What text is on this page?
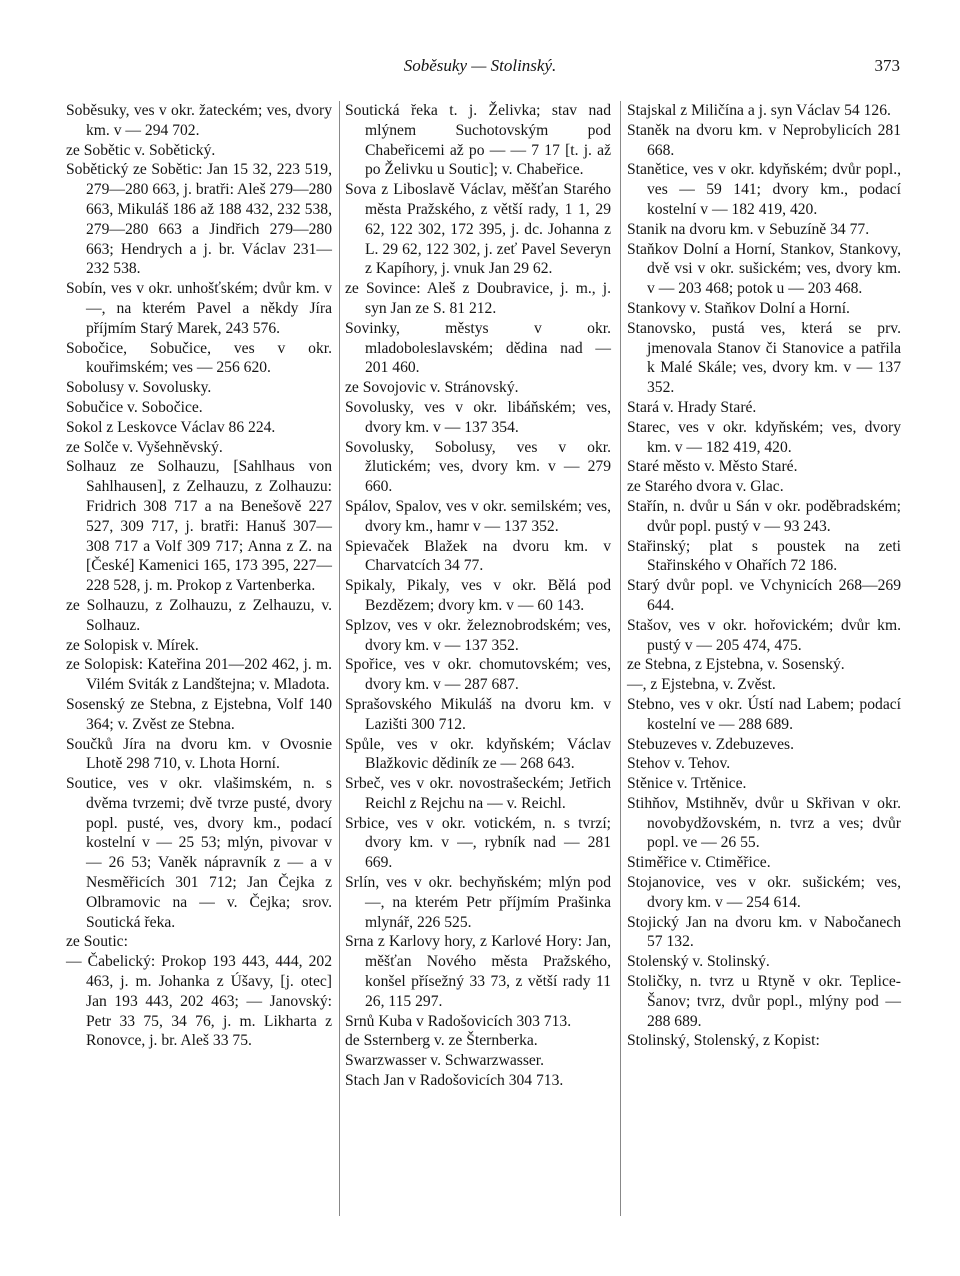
Soběsuky — Stolinský.	373

Soběsuky, ves v okr. žateckém; ves, dvory km. v — 294 702.

ze Sobětic v. Sobětický.

Sobětický ze Sobětic: Jan 15 32, 223 519, 279—280 663, j. bratři: Aleš 279—280 663, Mikuláš 186 až 188 432, 232 538, 279—280 663 a Jindřich 279—280 663; Hendrych a j. br. Václav 231—232 538.

Sobín, ves v okr. unhošťském; dvůr km. v —, na kterém Pavel a někdy Jíra příjmím Starý Marek, 243 576.

Sobočice, Sobučice, ves v okr. kouřimském; ves — 256 620.

Sobolusy v. Sovolusky.

Sobučice v. Sobočice.

Sokol z Leskovce Václav 86 224.

ze Solče v. Vyšehněvský.

Solhauz ze Solhauzu, [Sahlhaus von Sahlhausen], z Zelhauzu, z Zolhauzu: Fridrich 308 717 a na Benešově 227 527, 309 717, j. bratři: Hanuš 307—308 717 a Volf 309 717; Anna z Z. na [České] Kamenici 165, 173 395, 227—228 528, j. m. Prokop z Vartenberka.

ze Solhauzu, z Zolhauzu, z Zelhauzu, v. Solhauz.

ze Solopisk v. Mírek.

ze Solopisk: Kateřina 201—202 462, j. m. Vilém Sviták z Landštejna; v. Mladota.

Sosenský ze Stebna, z Ejstebna, Volf 140 364; v. Zvěst ze Stebna.

Součků Jíra na dvoru km. v Ovosnie Lhotě 298 710, v. Lhota Horní.

Soutice, ves v okr. vlašimském, n. s dvěma tvrzemi; dvě tvrze pusté, dvory popl. pusté, ves, dvory km., podací kostelní v — 25 53; mlýn, pivovar v — 26 53; Vaněk nápravník z — a v Nesměřicích 301 712; Jan Čejka z Olbramovic na — v. Čejka; srov. Soutická řeka.

ze Soutic:

— Čabelický: Prokop 193 443, 444, 202 463, j. m. Johanka z Úšavy, [j. otec] Jan 193 443, 202 463; — Janovský: Petr 33 75, 34 76, j. m. Likharta z Ronovce, j. br. Aleš 33 75.

Soutická řeka t. j. Želivka; stav nad mlýnem Suchotovským pod Chabeřicemi až po — — 7 17 [t. j. až po Želivku u Soutic]; v. Chabeřice.

Sova z Liboslavě Václav, měšťan Starého města Pražského, z větší rady, 1 1, 29 62, 122 302, 172 395, j. dc. Johanna z L. 29 62, 122 302, j. zeť Pavel Severyn z Kapíhory, j. vnuk Jan 29 62.

ze Sovince: Aleš z Doubravice, j. m., j. syn Jan ze S. 81 212.

Sovinky, městys v okr. mladoboleslavském; dědina nad — 201 460.

ze Sovojovic v. Stránovský.

Sovolusky, ves v okr. libáňském; ves, dvory km. v — 137 354.

Sovolusky, Sobolusy, ves v okr. žlutickém; ves, dvory km. v — 279 660.

Spálov, Spalov, ves v okr. semilském; ves, dvory km., hamr v — 137 352.

Spievaček Blažek na dvoru km. v Charvatcích 34 77.

Spikaly, Pikaly, ves v okr. Bělá pod Bezdězem; dvory km. v — 60 143.

Splzov, ves v okr. železnobrodském; ves, dvory km. v — 137 352.

Spořice, ves v okr. chomutovském; ves, dvory km. v — 287 687.

Sprašovského Mikuláš na dvoru km. v Lazišti 300 712.

Spůle, ves v okr. kdyňském; Václav Blažkovic dědiník ze — 268 643.

Srbeč, ves v okr. novostrašeckém; Jetřich Reichl z Rejchu na — v. Reichl.

Srbice, ves v okr. votickém, n. s tvrzí; dvory km. v —, rybník nad — 281 669.

Srlín, ves v okr. bechyňském; mlýn pod —, na kterém Petr příjmím Prašinka mlynář, 226 525.

Srna z Karlovy hory, z Karlové Hory: Jan, měšťan Nového města Pražského, konšel přísežný 33 73, z větší rady 11 26, 115 297.

Srnů Kuba v Radošovicích 303 713.

de Ssternberg v. ze Šternberka.

Swarzwasser v. Schwarzwasser.

Stach Jan v Radošovicích 304 713.

Stajskal z Miličína a j. syn Václav 54 126.

Staněk na dvoru km. v Neprobylicích 281 668.

Stanětice, ves v okr. kdyňském; dvůr popl., ves — 59 141; dvory km., podací kostelní v — 182 419, 420.

Stanik na dvoru km. v Sebuzíně 34 77.

Staňkov Dolní a Horní, Stankov, Stankovy, dvě vsi v okr. sušickém; ves, dvory km. v — 203 468; potok u — 203 468.

Stankovy v. Staňkov Dolní a Horní.

Stanovsko, pustá ves, která se prv. jmenovala Stanov či Stanovice a patřila k Malé Skále; ves, dvory km. v — 137 352.

Stará v. Hrady Staré.

Starec, ves v okr. kdyňském; ves, dvory km. v — 182 419, 420.

Staré město v. Město Staré.

ze Starého dvora v. Glac.

Stařín, n. dvůr u Sán v okr. poděbradském; dvůr popl. pustý v — 93 243.

Stařinský; plat s poustek na zeti Stařinského v Ohařích 72 186.

Starý dvůr popl. ve Vchynicích 268—269 644.

Stašov, ves v okr. hořovickém; dvůr km. pustý v — 205 474, 475.

ze Stebna, z Ejstebna, v. Sosenský.

—, z Ejstebna, v. Zvěst.

Stebno, ves v okr. Ústí nad Labem; podací kostelní ve — 288 689.

Stebuzeves v. Zdebuzeves.

Stehov v. Tehov.

Stěnice v. Trtěnice.

Stihňov, Mstihněv, dvůr u Skřivan v okr. novobydžovském, n. tvrz a ves; dvůr popl. ve — 26 55.

Stiměřice v. Ctiměřice.

Stojanovice, ves v okr. sušickém; ves, dvory km. v — 254 614.

Stojický Jan na dvoru km. v Nabočanech 57 132.

Stolenský v. Stolinský.

Stoličky, n. tvrz u Rtyně v okr. Teplice-Šanov; tvrz, dvůr popl., mlýny pod — 288 689.

Stolinský, Stolenský, z Kopist:
